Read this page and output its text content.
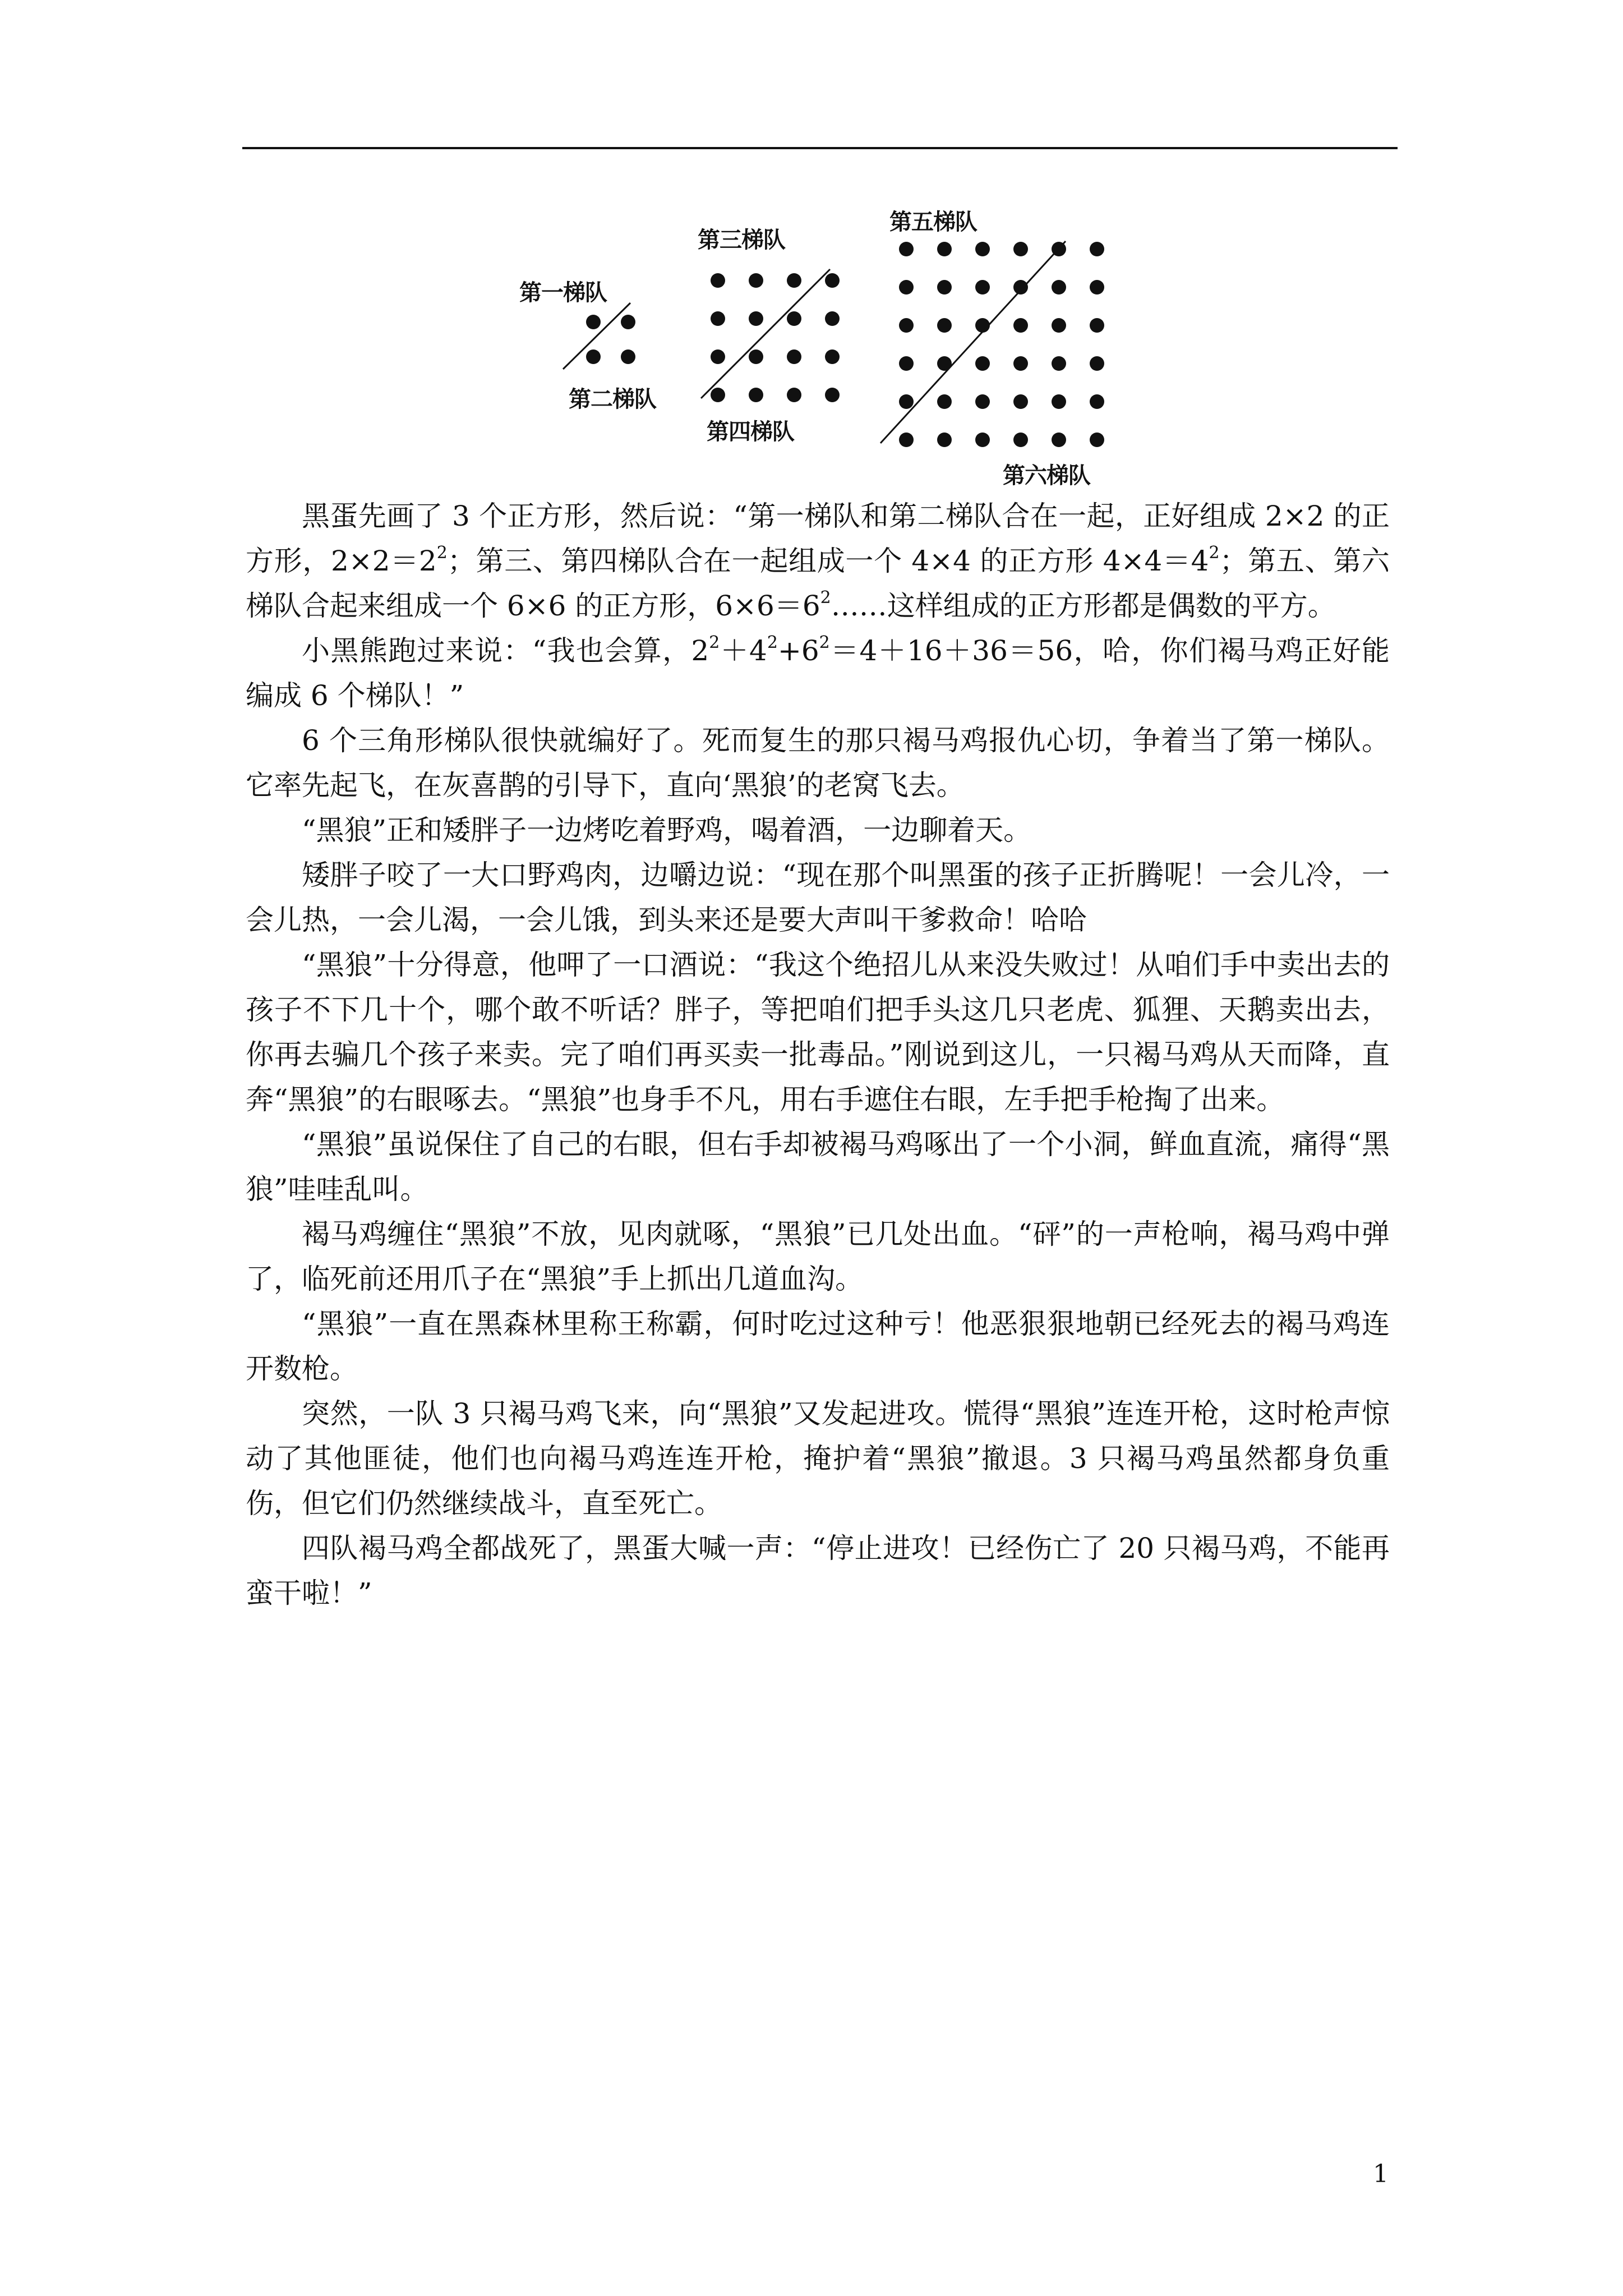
第一梯队
第二梯队
第三梯队
第四梯队
第五梯队
第六梯队

黑蛋先画了 3 个正方形，然后说：“第一梯队和第二梯队合在一起，正好组成 2×2 的正方形，$2\times 2=2^2$；第三、第四梯队合在一起组成一个 4×4 的正方形 $4\times 4=4^2$；第五、第六梯队合起来组成一个 6×6 的正方形，$6\times 6=6^2\dots\dots$这样组成的正方形都是偶数的平方。

小黑熊跑过来说：“我也会算，$2^2+4^2+6^2=4+16+36=56$，哈，你们褐马鸡正好能编成 6 个梯队！”

6 个三角形梯队很快就编好了。死而复生的那只褐马鸡报仇心切，争着当了第一梯队。它率先起飞，在灰喜鹊的引导下，直向‘黑狼’的老窝飞去。

“黑狼”正和矮胖子一边烤吃着野鸡，喝着酒，一边聊着天。

矮胖子咬了一大口野鸡肉，边嚼边说：“现在那个叫黑蛋的孩子正折腾呢！一会儿冷，一会儿热，一会儿渴，一会儿饿，到头来还是要大声叫干爹救命！哈哈

“黑狼”十分得意，他呷了一口酒说：“我这个绝招儿从来没失败过！从咱们手中卖出去的孩子不下几十个，哪个敢不听话？胖子，等把咱们把手头这几只老虎、狐狸、天鹅卖出去，你再去骗几个孩子来卖。完了咱们再买卖一批毒品。”刚说到这儿，一只褐马鸡从天而降，直奔“黑狼”的右眼啄去。“黑狼”也身手不凡，用右手遮住右眼，左手把手枪掏了出来。

“黑狼”虽说保住了自己的右眼，但右手却被褐马鸡啄出了一个小洞，鲜血直流，痛得“黑狼”哇哇乱叫。

褐马鸡缠住“黑狼”不放，见肉就啄，“黑狼”已几处出血。“砰”的一声枪响，褐马鸡中弹了，临死前还用爪子在“黑狼”手上抓出几道血沟。

“黑狼”一直在黑森林里称王称霸，何时吃过这种亏！他恶狠狠地朝已经死去的褐马鸡连开数枪。

突然，一队 3 只褐马鸡飞来，向“黑狼”又发起进攻。慌得“黑狼”连连开枪，这时枪声惊动了其他匪徒，他们也向褐马鸡连连开枪，掩护着“黑狼”撤退。3 只褐马鸡虽然都身负重伤，但它们仍然继续战斗，直至死亡。

四队褐马鸡全都战死了，黑蛋大喊一声：“停止进攻！已经伤亡了 20 只褐马鸡，不能再蛮干啦！”

1
